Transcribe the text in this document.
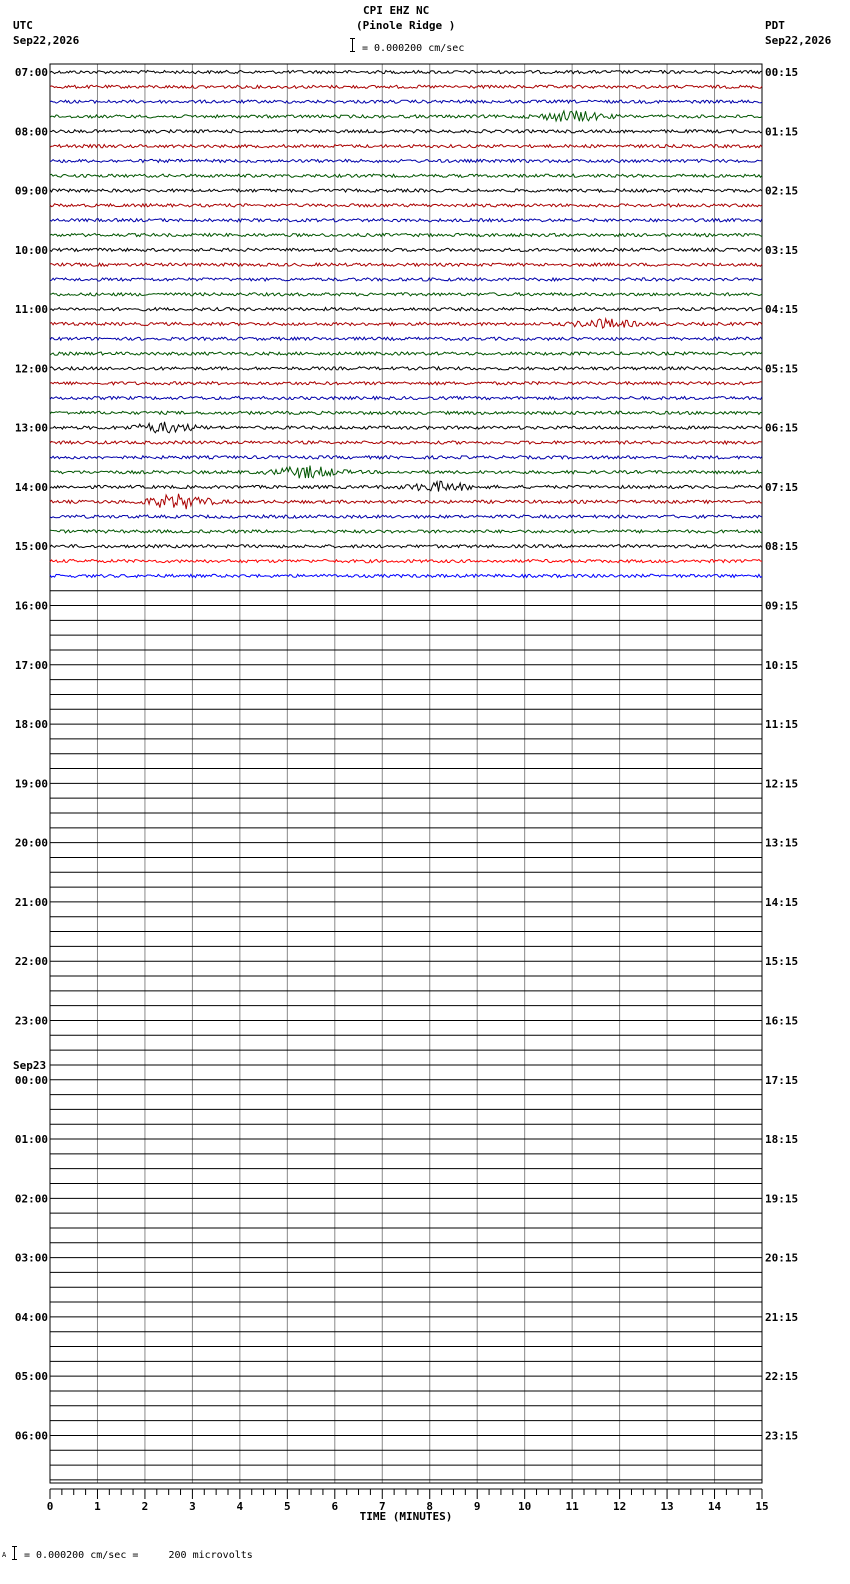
CPI EHZ NC
(Pinole Ridge )
= 0.000200 cm/sec
UTC
Sep22,2026
PDT
Sep22,2026
07:00
08:00
09:00
10:00
11:00
12:00
13:00
14:00
15:00
16:00
17:00
18:00
19:00
20:00
21:00
22:00
23:00
00:00
Sep23
01:00
02:00
03:00
04:00
05:00
06:00
00:15
01:15
02:15
03:15
04:15
05:15
06:15
07:15
08:15
09:15
10:15
11:15
12:15
13:15
14:15
15:15
16:15
17:15
18:15
19:15
20:15
21:15
22:15
23:15
0	1	2	3	4	5	6	7	8	9	10	11	12	13	14	15
TIME (MINUTES)
A = 0.000200 cm/sec =     200 microvolts
